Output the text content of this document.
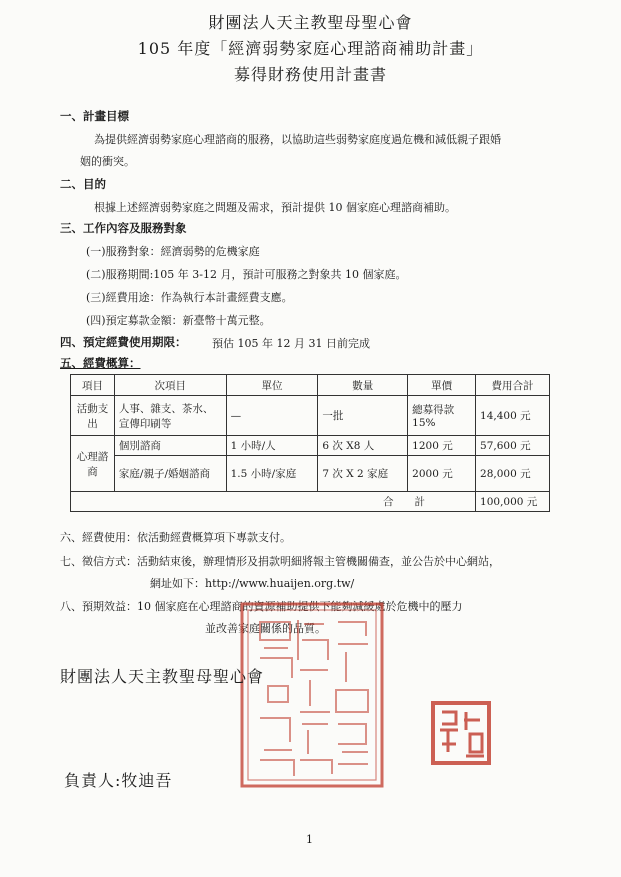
財團法人天主教聖母聖心會
105 年度「經濟弱勢家庭心理諮商補助計畫」
募得財務使用計畫書
一、計畫目標
為提供經濟弱勢家庭心理諮商的服務，以協助這些弱勢家庭度過危機和減低親子跟婚
姻的衝突。
二、目的
根據上述經濟弱勢家庭之問題及需求，預計提供 10 個家庭心理諮商補助。
三、工作內容及服務對象
(一)服務對象：經濟弱勢的危機家庭
(二)服務期間:105 年 3-12 月，預計可服務之對象共 10 個家庭。
(三)經費用途：作為執行本計畫經費支應。
(四)預定募款金額：新臺幣十萬元整。
四、預定經費使用期限： 預估 105 年 12 月 31 日前完成
五、經費概算：
項目	次項目	單位	數量	單價	費用合計
活動支出	人事、雜支、茶水、宣傳印刷等	—	一批	總募得款15%	14,400 元
心理諮商	個別諮商	1 小時/人	6 次 X8 人	1200 元	57,600 元
	家庭/親子/婚姻諮商	1.5 小時/家庭	7 次 X 2 家庭	2000 元	28,000 元
合　　計					100,000 元
六、經費使用：依活動經費概算項下專款支付。
七、徵信方式：活動結束後，辦理情形及捐款明細將報主管機關備查，並公告於中心網站，
網址如下：http://www.huaijen.org.tw/
八、預期效益：10 個家庭在心理諮商的資源補助提供下能夠減緩處於危機中的壓力
並改善家庭關係的品質。
財團法人天主教聖母聖心會
負責人:牧迪吾
1
